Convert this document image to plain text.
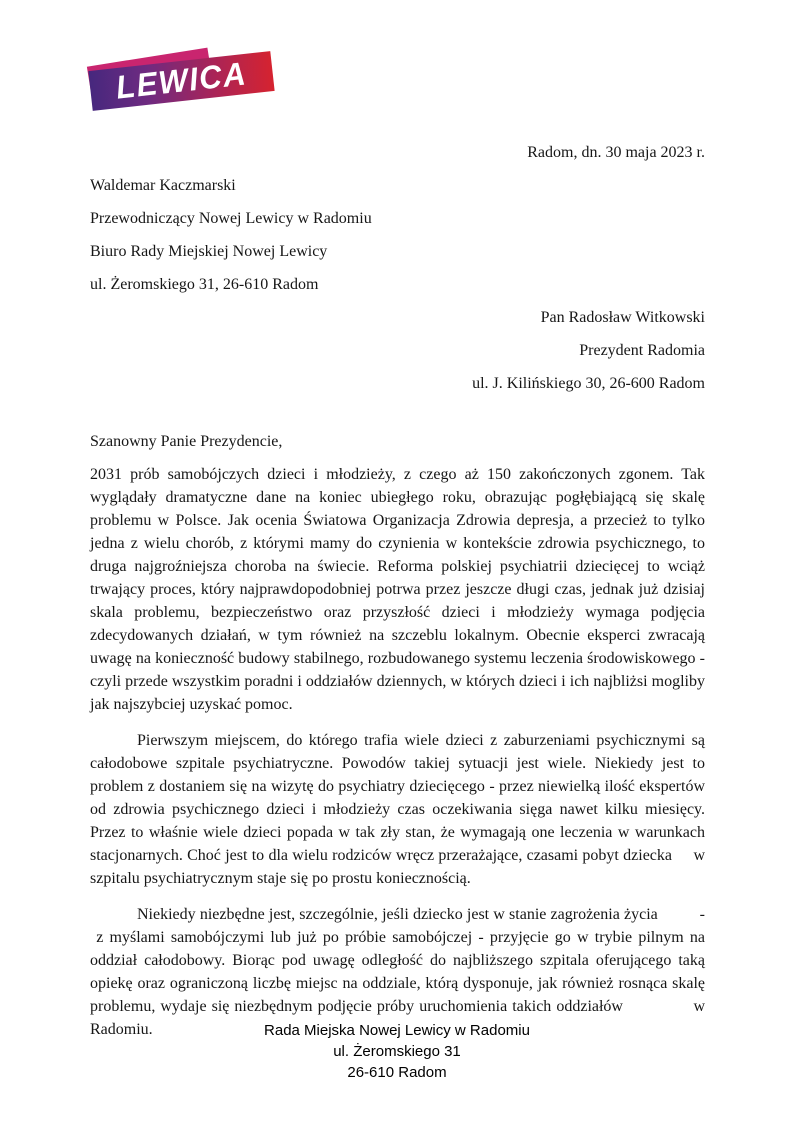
LEWICA
Radom, dn. 30 maja 2023 r.

Waldemar Kaczmarski

Przewodniczący Nowej Lewicy w Radomiu

Biuro Rady Miejskiej Nowej Lewicy

ul. Żeromskiego 31, 26-610 Radom

Pan Radosław Witkowski

Prezydent Radomia

ul. J. Kilińskiego 30, 26-600 Radom

Szanowny Panie Prezydencie,

2031 prób samobójczych dzieci i młodzieży, z czego aż 150 zakończonych zgonem. Tak wyglądały dramatyczne dane na koniec ubiegłego roku, obrazując pogłębiającą się skalę problemu w Polsce. Jak ocenia Światowa Organizacja Zdrowia depresja, a przecież to tylko jedna z wielu chorób, z którymi mamy do czynienia w kontekście zdrowia psychicznego, to druga najgroźniejsza choroba na świecie. Reforma polskiej psychiatrii dziecięcej to wciąż trwający proces, który najprawdopodobniej potrwa przez jeszcze długi czas, jednak już dzisiaj skala problemu, bezpieczeństwo oraz przyszłość dzieci i młodzieży wymaga podjęcia zdecydowanych działań, w tym również na szczeblu lokalnym. Obecnie eksperci zwracają uwagę na konieczność budowy stabilnego, rozbudowanego systemu leczenia środowiskowego - czyli przede wszystkim poradni i oddziałów dziennych, w których dzieci i ich najbliżsi mogliby jak najszybciej uzyskać pomoc.

Pierwszym miejscem, do którego trafia wiele dzieci z zaburzeniami psychicznymi są całodobowe szpitale psychiatryczne. Powodów takiej sytuacji jest wiele. Niekiedy jest to problem z dostaniem się na wizytę do psychiatry dziecięcego - przez niewielką ilość ekspertów od zdrowia psychicznego dzieci i młodzieży czas oczekiwania sięga nawet kilku miesięcy. Przez to właśnie wiele dzieci popada w tak zły stan, że wymagają one leczenia w warunkach stacjonarnych. Choć jest to dla wielu rodziców wręcz przerażające, czasami pobyt dziecka     w szpitalu psychiatrycznym staje się po prostu koniecznością.

Niekiedy niezbędne jest, szczególnie, jeśli dziecko jest w stanie zagrożenia życia          - z myślami samobójczymi lub już po próbie samobójczej - przyjęcie go w trybie pilnym na oddział całodobowy. Biorąc pod uwagę odległość do najbliższego szpitala oferującego taką opiekę oraz ograniczoną liczbę miejsc na oddziale, którą dysponuje, jak również rosnąca skalę problemu, wydaje się niezbędnym podjęcie próby uruchomienia takich oddziałów              w Radomiu.	Rada Miejska Nowej Lewicy w Radomiu
ul. Żeromskiego 31
26-610 Radom
